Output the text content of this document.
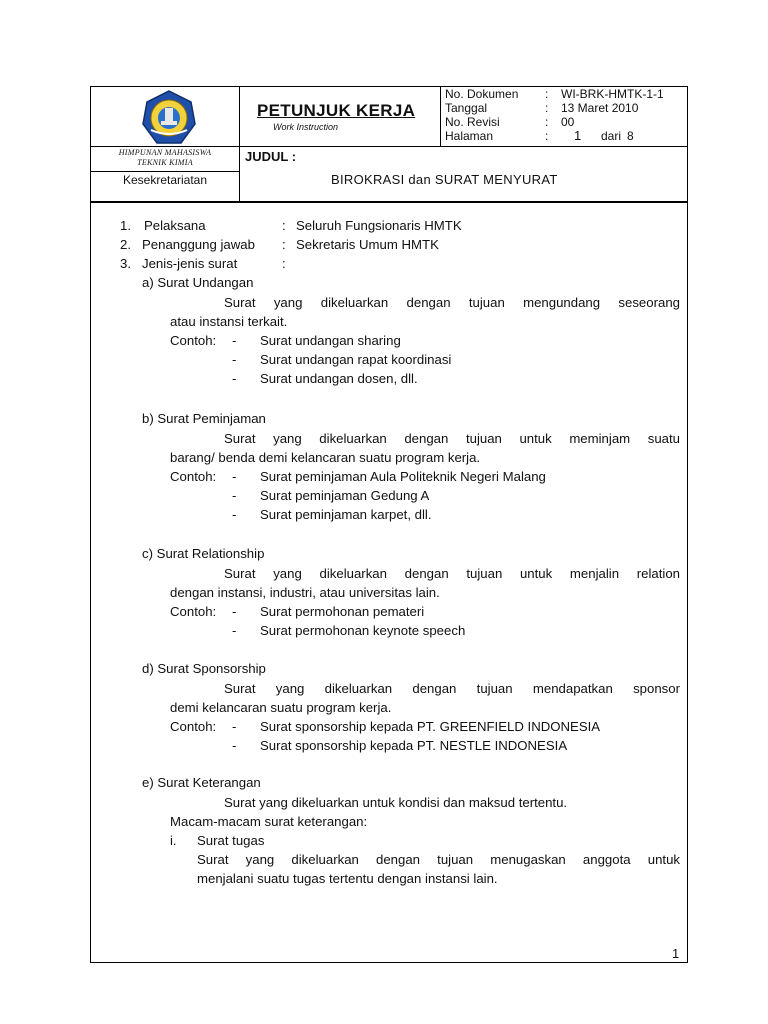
HIMPUNAN MAHASISWA
TEKNIK KIMIA
Kesekretariatan
PETUNJUK KERJA
Work Instruction
No. Dokumen : WI-BRK-HMTK-1-1
Tanggal	: 13 Maret 2010
No. Revisi	: 00
Halaman	: 1 dari 8
JUDUL :
BIROKRASI dan SURAT MENYURAT
1. Pelaksana	: Seluruh Fungsionaris HMTK
2. Penanggung jawab : Sekretaris Umum HMTK
3. Jenis-jenis surat	:
a) Surat Undangan
Surat yang dikeluarkan dengan tujuan mengundang seseorang
atau instansi terkait.
Contoh: - Surat undangan sharing
- Surat undangan rapat koordinasi
- Surat undangan dosen, dll.
b) Surat Peminjaman
Surat yang dikeluarkan dengan tujuan untuk meminjam suatu
barang/ benda demi kelancaran suatu program kerja.
Contoh: - Surat peminjaman Aula Politeknik Negeri Malang
- Surat peminjaman Gedung A
- Surat peminjaman karpet, dll.
c) Surat Relationship
Surat yang dikeluarkan dengan tujuan untuk menjalin relation
dengan instansi, industri, atau universitas lain.
Contoh: - Surat permohonan pemateri
- Surat permohonan keynote speech
d) Surat Sponsorship
Surat yang dikeluarkan dengan tujuan mendapatkan sponsor
demi kelancaran suatu program kerja.
Contoh: - Surat sponsorship kepada PT. GREENFIELD INDONESIA
- Surat sponsorship kepada PT. NESTLE INDONESIA
e) Surat Keterangan
Surat yang dikeluarkan untuk kondisi dan maksud tertentu.
Macam-macam surat keterangan:
i. Surat tugas
Surat yang dikeluarkan dengan tujuan menugaskan anggota untuk
menjalani suatu tugas tertentu dengan instansi lain.
1
